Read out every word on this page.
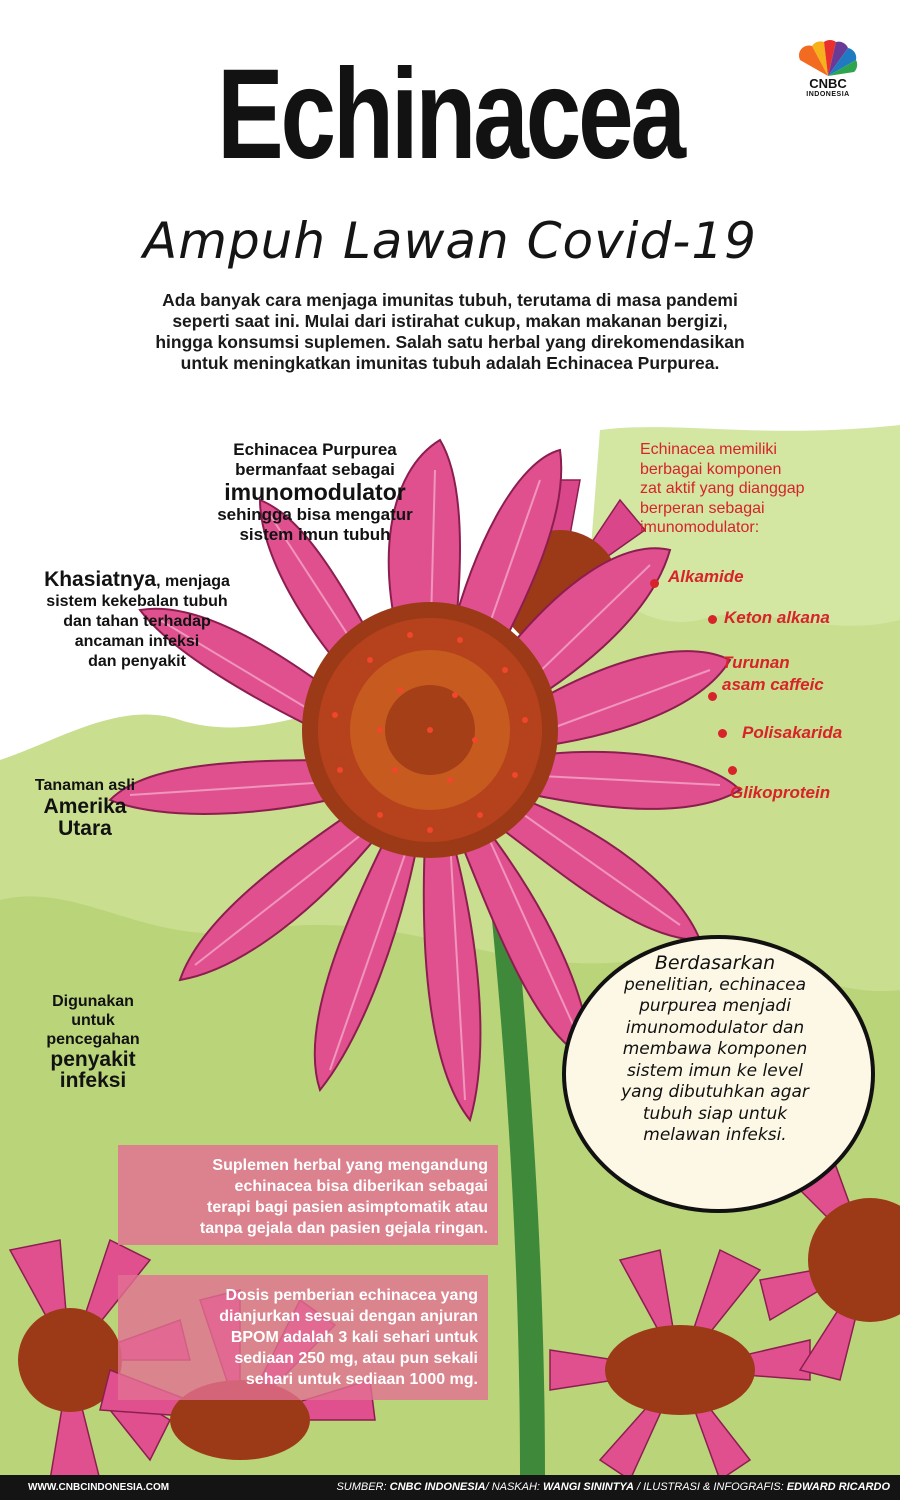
CNBC
INDONESIA
Echinacea
Ampuh Lawan Covid-19
Ada banyak cara menjaga imunitas tubuh, terutama di masa pandemi seperti saat ini. Mulai dari istirahat cukup, makan makanan bergizi, hingga konsumsi suplemen. Salah satu herbal yang direkomendasikan untuk meningkatkan imunitas tubuh adalah Echinacea Purpurea.
Echinacea Purpurea
bermanfaat sebagai
imunomodulator
sehingga bisa mengatur
sistem imun tubuh
Khasiatnya, menjaga
sistem kekebalan tubuh
dan tahan terhadap
ancaman infeksi
dan penyakit
Tanaman asli
Amerika
Utara
Digunakan
untuk
pencegahan
penyakit
infeksi
Echinacea memiliki
berbagai komponen
zat aktif yang dianggap
berperan sebagai
imunomodulator:
Alkamide
Keton alkana
Turunan
asam caffeic
Polisakarida
Glikoprotein
Berdasarkan
penelitian, echinacea
purpurea menjadi
imunomodulator dan
membawa komponen
sistem imun ke level
yang dibutuhkan agar
tubuh siap untuk
melawan infeksi.
Suplemen herbal yang mengandung
echinacea bisa diberikan sebagai
terapi bagi pasien asimptomatik atau
tanpa gejala dan pasien gejala ringan.
Dosis pemberian echinacea yang
dianjurkan sesuai dengan anjuran
BPOM adalah 3 kali sehari untuk
sediaan 250 mg, atau pun sekali
sehari untuk sediaan 1000 mg.
WWW.CNBCINDONESIA.COM	SUMBER: CNBC INDONESIA/ NASKAH: WANGI SININTYA / ILUSTRASI & INFOGRAFIS: EDWARD RICARDO
